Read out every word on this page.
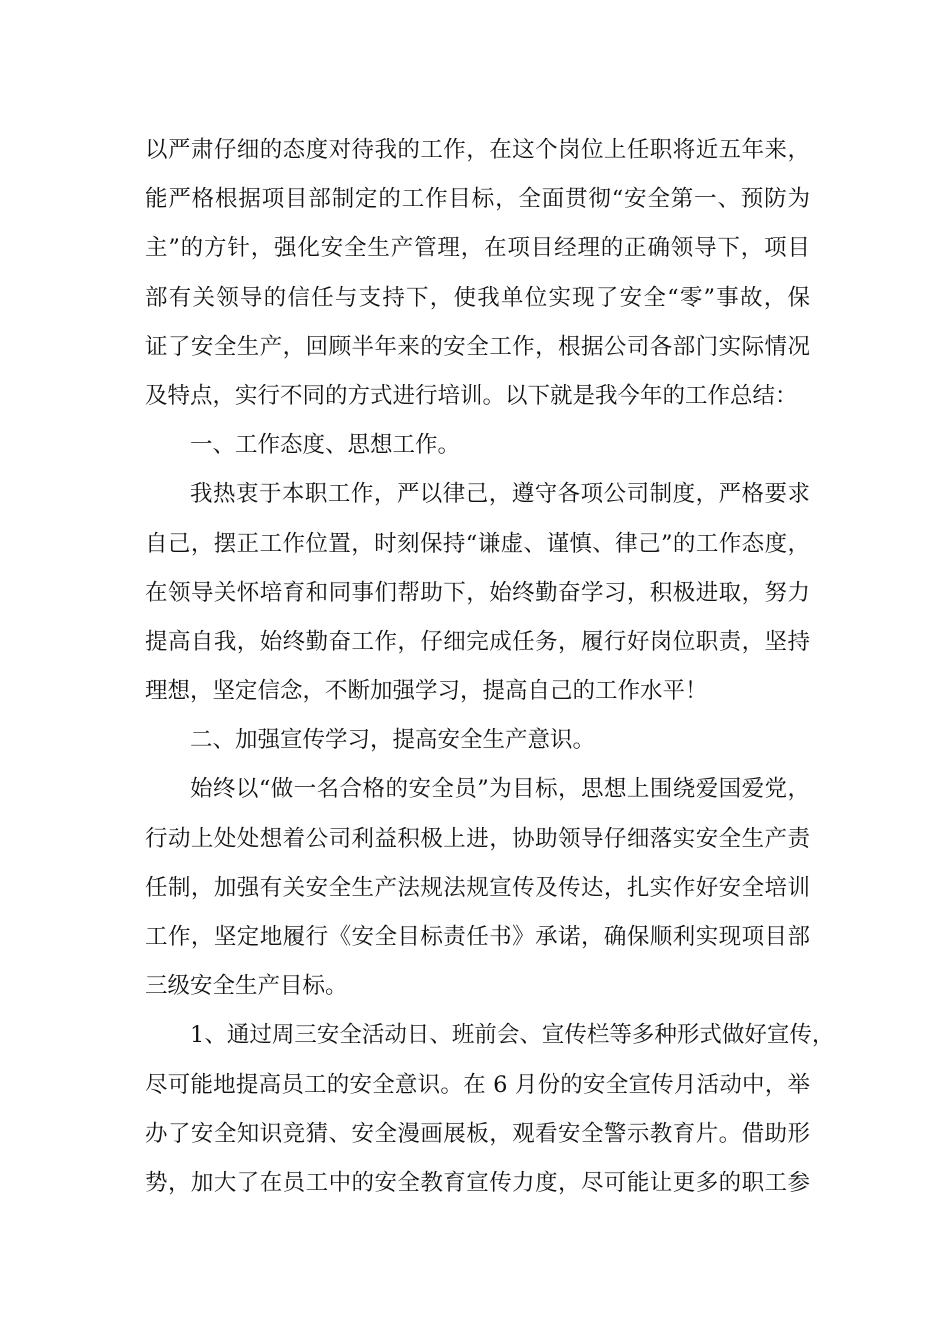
以严肃仔细的态度对待我的工作，在这个岗位上任职将近五年来，
能严格根据项目部制定的工作目标，全面贯彻“安全第一、预防为
主”的方针，强化安全生产管理，在项目经理的正确领导下，项目
部有关领导的信任与支持下，使我单位实现了安全“零”事故，保
证了安全生产，回顾半年来的安全工作，根据公司各部门实际情况
及特点，实行不同的方式进行培训。以下就是我今年的工作总结：
一、工作态度、思想工作。
我热衷于本职工作，严以律己，遵守各项公司制度，严格要求
自己，摆正工作位置，时刻保持“谦虚、谨慎、律己”的工作态度，
在领导关怀培育和同事们帮助下，始终勤奋学习，积极进取，努力
提高自我，始终勤奋工作，仔细完成任务，履行好岗位职责，坚持
理想，坚定信念，不断加强学习，提高自己的工作水平！
二、加强宣传学习，提高安全生产意识。
始终以“做一名合格的安全员”为目标，思想上围绕爱国爱党，
行动上处处想着公司利益积极上进，协助领导仔细落实安全生产责
任制，加强有关安全生产法规法规宣传及传达，扎实作好安全培训
工作，坚定地履行《安全目标责任书》承诺，确保顺利实现项目部
三级安全生产目标。
1、通过周三安全活动日、班前会、宣传栏等多种形式做好宣传，
尽可能地提高员工的安全意识。在 6 月份的安全宣传月活动中，举
办了安全知识竞猜、安全漫画展板，观看安全警示教育片。借助形
势，加大了在员工中的安全教育宣传力度，尽可能让更多的职工参
